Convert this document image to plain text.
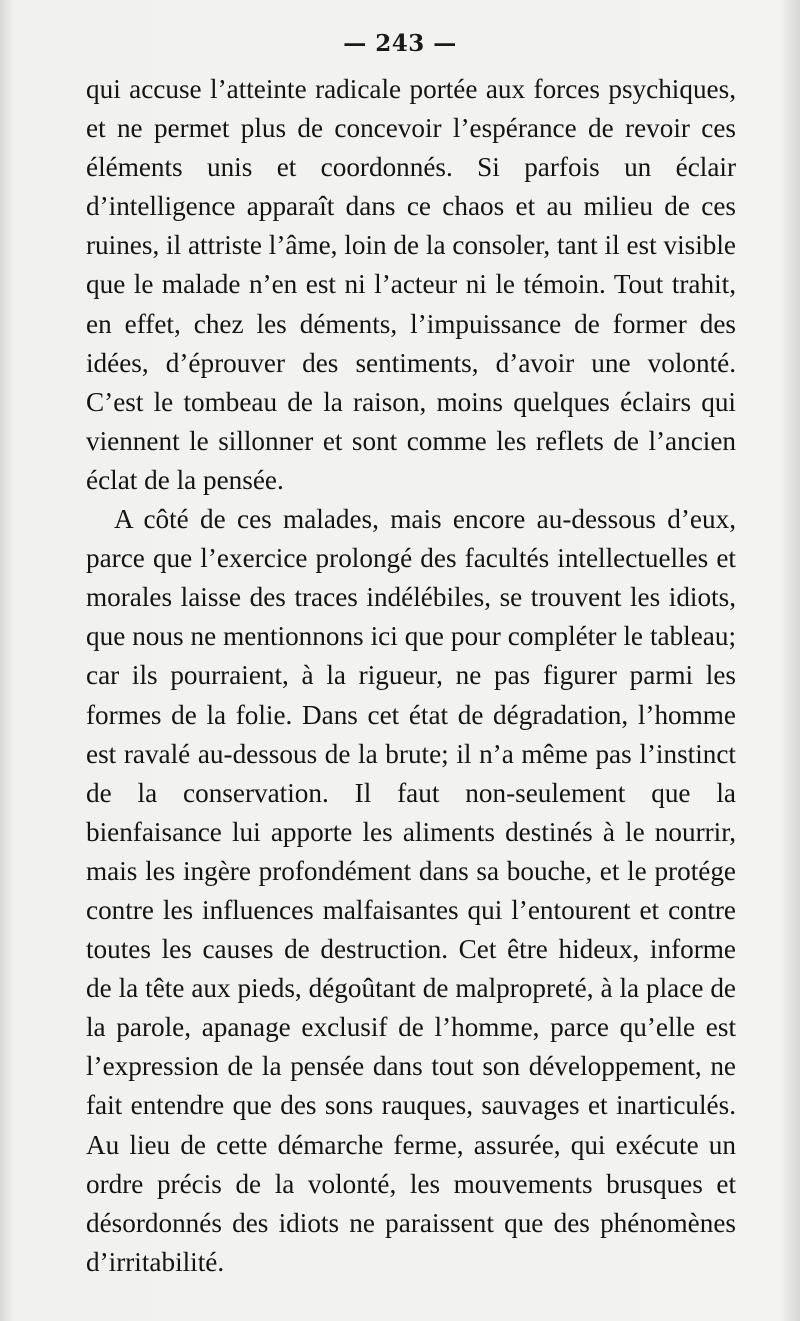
— 243 —

qui accuse l’atteinte radicale portée aux forces psychiques, et ne permet plus de concevoir l’espérance de revoir ces éléments unis et coordonnés. Si parfois un éclair d’intelligence apparaît dans ce chaos et au milieu de ces ruines, il attriste l’âme, loin de la consoler, tant il est visible que le malade n’en est ni l’acteur ni le témoin. Tout trahit, en effet, chez les déments, l’impuissance de former des idées, d’éprouver des sentiments, d’avoir une volonté. C’est le tombeau de la raison, moins quelques éclairs qui viennent le sillonner et sont comme les reflets de l’ancien éclat de la pensée.

A côté de ces malades, mais encore au-dessous d’eux, parce que l’exercice prolongé des facultés intellectuelles et morales laisse des traces indélébiles, se trouvent les idiots, que nous ne mentionnons ici que pour compléter le tableau; car ils pourraient, à la rigueur, ne pas figurer parmi les formes de la folie. Dans cet état de dégradation, l’homme est ravalé au-dessous de la brute; il n’a même pas l’instinct de la conservation. Il faut non-seulement que la bienfaisance lui apporte les aliments destinés à le nourrir, mais les ingère profondément dans sa bouche, et le protége contre les influences malfaisantes qui l’entourent et contre toutes les causes de destruction. Cet être hideux, informe de la tête aux pieds, dégoûtant de malpropreté, à la place de la parole, apanage exclusif de l’homme, parce qu’elle est l’expression de la pensée dans tout son développement, ne fait entendre que des sons rauques, sauvages et inarticulés. Au lieu de cette démarche ferme, assurée, qui exécute un ordre précis de la volonté, les mouvements brusques et désordonnés des idiots ne paraissent que des phénomènes d’irritabilité.
